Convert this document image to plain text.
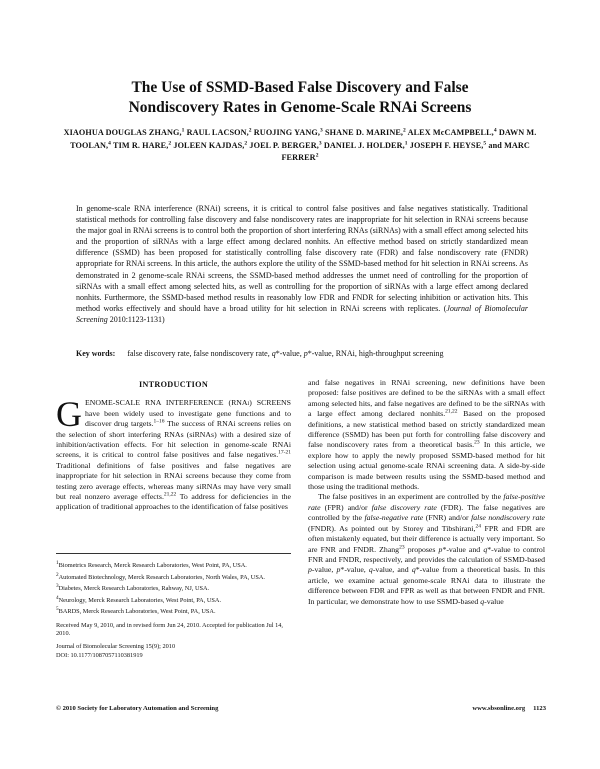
The Use of SSMD-Based False Discovery and False
Nondiscovery Rates in Genome-Scale RNAi Screens
XIAOHUA DOUGLAS ZHANG,$^1$ RAUL LACSON,$^2$ RUOJING YANG,$^3$ SHANE D. MARINE,$^2$ ALEX McCAMPBELL,$^4$ DAWN M. TOOLAN,$^4$ TIM R. HARE,$^2$ JOLEEN KAJDAS,$^2$ JOEL P. BERGER,$^3$ DANIEL J. HOLDER,$^1$ JOSEPH F. HEYSE,$^5$ and MARC FERRER$^2$

In genome-scale RNA interference (RNAi) screens, it is critical to control false positives and false negatives statistically. Traditional statistical methods for controlling false discovery and false nondiscovery rates are inappropriate for hit selection in RNAi screens because the major goal in RNAi screens is to control both the proportion of short interfering RNAs (siRNAs) with a small effect among selected hits and the proportion of siRNAs with a large effect among declared nonhits. An effective method based on strictly standardized mean difference (SSMD) has been proposed for statistically controlling false discovery rate (FDR) and false nondiscovery rate (FNDR) appropriate for RNAi screens. In this article, the authors explore the utility of the SSMD-based method for hit selection in RNAi screens. As demonstrated in 2 genome-scale RNAi screens, the SSMD-based method addresses the unmet need of controlling for the proportion of siRNAs with a small effect among selected hits, as well as controlling for the proportion of siRNAs with a large effect among declared nonhits. Furthermore, the SSMD-based method results in reasonably low FDR and FNDR for selecting inhibition or activation hits. This method works effectively and should have a broad utility for hit selection in RNAi screens with replicates. (Journal of Biomolecular Screening 2010:1123-1131)

Key words: false discovery rate, false nondiscovery rate, q*-value, p*-value, RNAi, high-throughput screening
INTRODUCTION

GENOME-SCALE RNA INTERFERENCE (RNAi) SCREENS have been widely used to investigate gene functions and to discover drug targets.$^{1-16}$ The success of RNAi screens relies on the selection of short interfering RNAs (siRNAs) with a desired size of inhibition/activation effects. For hit selection in genome-scale RNAi screens, it is critical to control false positives and false negatives.$^{17-21}$ Traditional definitions of false positives and false negatives are inappropriate for hit selection in RNAi screens because they come from testing zero average effects, whereas many siRNAs may have very small but real nonzero average effects.$^{21,22}$ To address for deficiencies in the application of traditional approaches to the identification of false positives

$^1$Biometrics Research, Merck Research Laboratories, West Point, PA, USA.

$^2$Automated Biotechnology, Merck Research Laboratories, North Wales, PA, USA.

$^3$Diabetes, Merck Research Laboratories, Rahway, NJ, USA.

$^4$Neurology, Merck Research Laboratories, West Point, PA, USA.

$^5$BARDS, Merck Research Laboratories, West Point, PA, USA.

Received May 9, 2010, and in revised form Jun 24, 2010. Accepted for publication Jul 14, 2010.

Journal of Biomolecular Screening 15(9); 2010

DOI: 10.1177/1087057110381919

and false negatives in RNAi screening, new definitions have been proposed: false positives are defined to be the siRNAs with a small effect among selected hits, and false negatives are defined to be the siRNAs with a large effect among declared nonhits.$^{21,22}$ Based on the proposed definitions, a new statistical method based on strictly standardized mean difference (SSMD) has been put forth for controlling false discovery and false nondiscovery rates from a theoretical basis.$^{23}$ In this article, we explore how to apply the newly proposed SSMD-based method for hit selection using actual genome-scale RNAi screening data. A side-by-side comparison is made between results using the SSMD-based method and those using the traditional methods.

The false positives in an experiment are controlled by the false-positive rate (FPR) and/or false discovery rate (FDR). The false negatives are controlled by the false-negative rate (FNR) and/or false nondiscovery rate (FNDR). As pointed out by Storey and Tibshirani,$^{24}$ FPR and FDR are often mistakenly equated, but their difference is actually very important. So are FNR and FNDR. Zhang$^{23}$ proposes p*-value and q*-value to control FNR and FNDR, respectively, and provides the calculation of SSMD-based p-value, p*-value, q-value, and q*-value from a theoretical basis. In this article, we examine actual genome-scale RNAi data to illustrate the difference between FDR and FPR as well as that between FNDR and FNR. In particular, we demonstrate how to use SSMD-based q-value

© 2010 Society for Laboratory Automation and Screening	www.sbsonline.org 1123
